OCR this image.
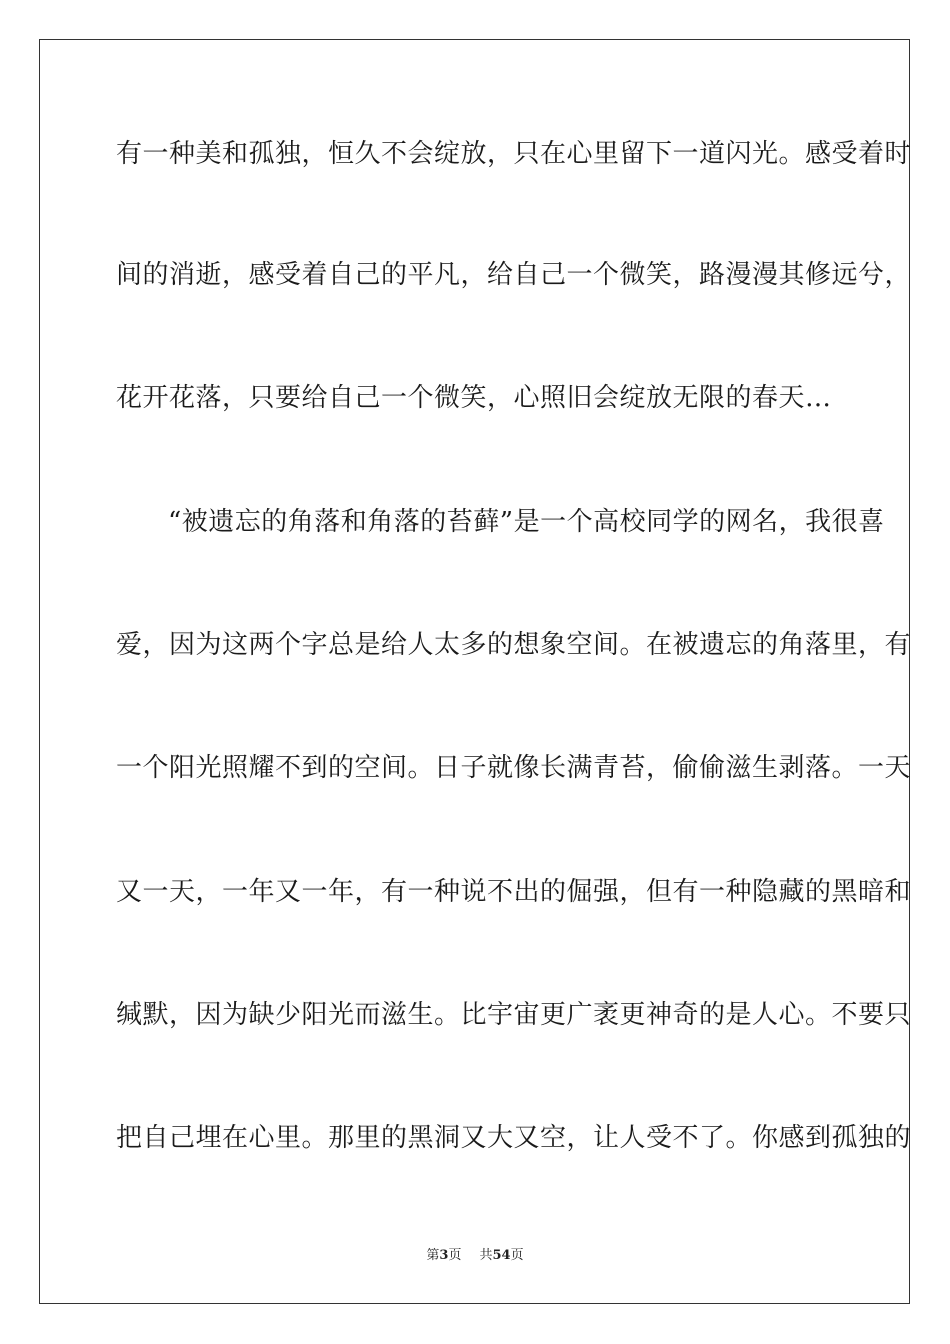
有一种美和孤独，恒久不会绽放，只在心里留下一道闪光。感受着时
间的消逝，感受着自己的平凡，给自己一个微笑，路漫漫其修远兮，
花开花落，只要给自己一个微笑，心照旧会绽放无限的春天…
“被遗忘的角落和角落的苔藓”是一个高校同学的网名，我很喜
爱，因为这两个字总是给人太多的想象空间。在被遗忘的角落里，有
一个阳光照耀不到的空间。日子就像长满青苔，偷偷滋生剥落。一天
又一天，一年又一年，有一种说不出的倔强，但有一种隐藏的黑暗和
缄默，因为缺少阳光而滋生。比宇宙更广袤更神奇的是人心。不要只
把自己埋在心里。那里的黑洞又大又空，让人受不了。你感到孤独的
第3页 共54页
